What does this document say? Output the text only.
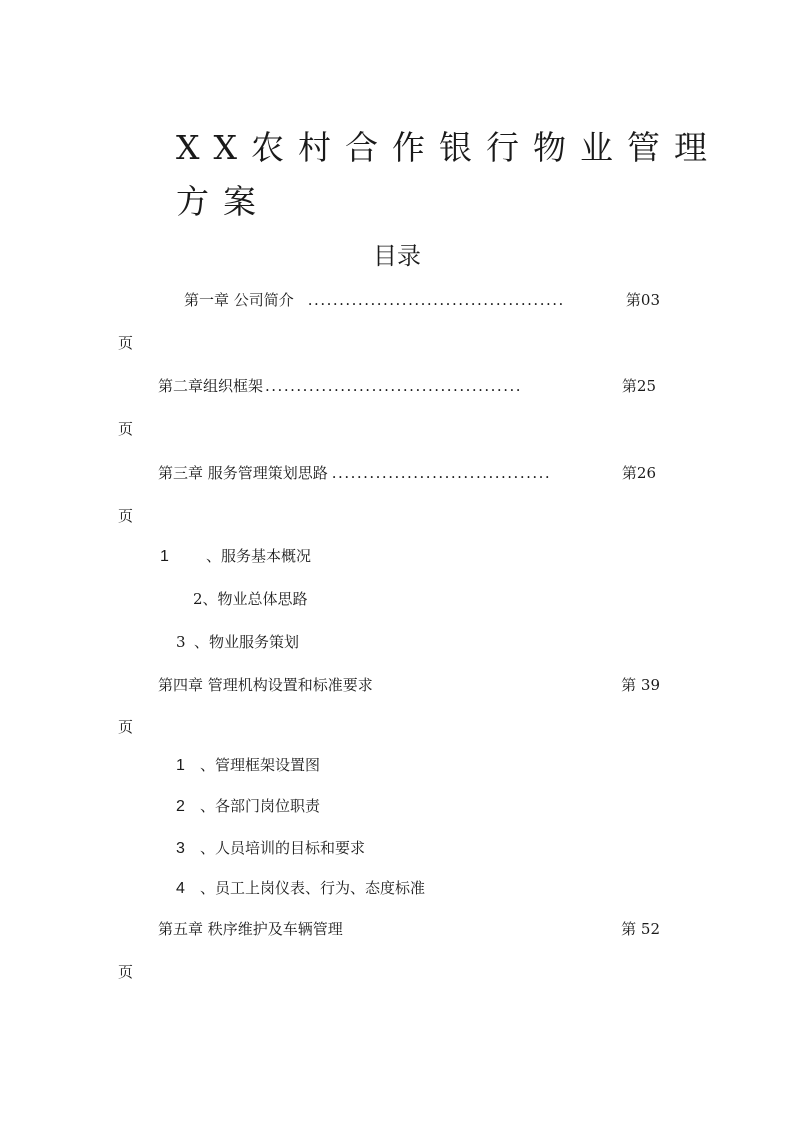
XX农村合作银行物业管理
方案
目录
第一章 公司简介 .........................................	第03
页
第二章组织框架 .........................................	第25
页
第三章 服务管理策划思路 ...................................	第26
页
1 、服务基本概况
2、物业总体思路
3 、物业服务策划
第四章 管理机构设置和标准要求	第 39
页
1 、管理框架设置图
2 、各部门岗位职责
3 、人员培训的目标和要求
4 、员工上岗仪表、行为、态度标准
第五章 秩序维护及车辆管理	第 52
页
